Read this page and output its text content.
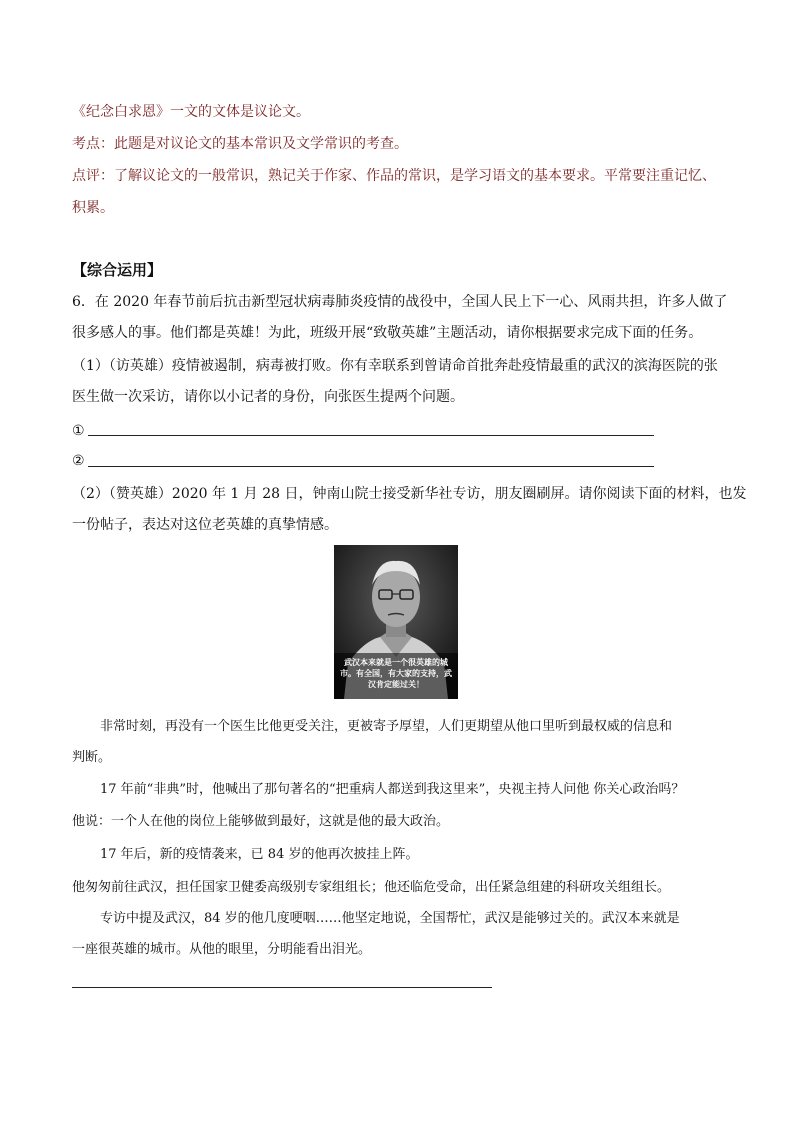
《纪念白求恩》一文的文体是议论文。
考点：此题是对议论文的基本常识及文学常识的考查。
点评：了解议论文的一般常识，熟记关于作家、作品的常识，是学习语文的基本要求。平常要注重记忆、
积累。
【综合运用】
6．在 2020 年春节前后抗击新型冠状病毒肺炎疫情的战役中，全国人民上下一心、风雨共担，许多人做了
很多感人的事。他们都是英雄！为此，班级开展“致敬英雄”主题活动，请你根据要求完成下面的任务。
（1）（访英雄）疫情被遏制，病毒被打败。你有幸联系到曾请命首批奔赴疫情最重的武汉的滨海医院的张
医生做一次采访，请你以小记者的身份，向张医生提两个问题。
①
②
（2）（赞英雄）2020 年 1 月 28 日，钟南山院士接受新华社专访，朋友圈刷屏。请你阅读下面的材料，也发
一份帖子，表达对这位老英雄的真挚情感。
武汉本来就是一个很英雄的城市。有全国，有大家的支持，武汉肯定能过关！
非常时刻，再没有一个医生比他更受关注，更被寄予厚望，人们更期望从他口里听到最权威的信息和
判断。
17 年前“非典”时，他喊出了那句著名的“把重病人都送到我这里来”，央视主持人问他 你关心政治吗？
他说：一个人在他的岗位上能够做到最好，这就是他的最大政治。
17 年后，新的疫情袭来，已 84 岁的他再次披挂上阵。
他匆匆前往武汉，担任国家卫健委高级别专家组组长；他还临危受命，出任紧急组建的科研攻关组组长。
专访中提及武汉，84 岁的他几度哽咽……他坚定地说，全国帮忙，武汉是能够过关的。武汉本来就是
一座很英雄的城市。从他的眼里，分明能看出泪光。
